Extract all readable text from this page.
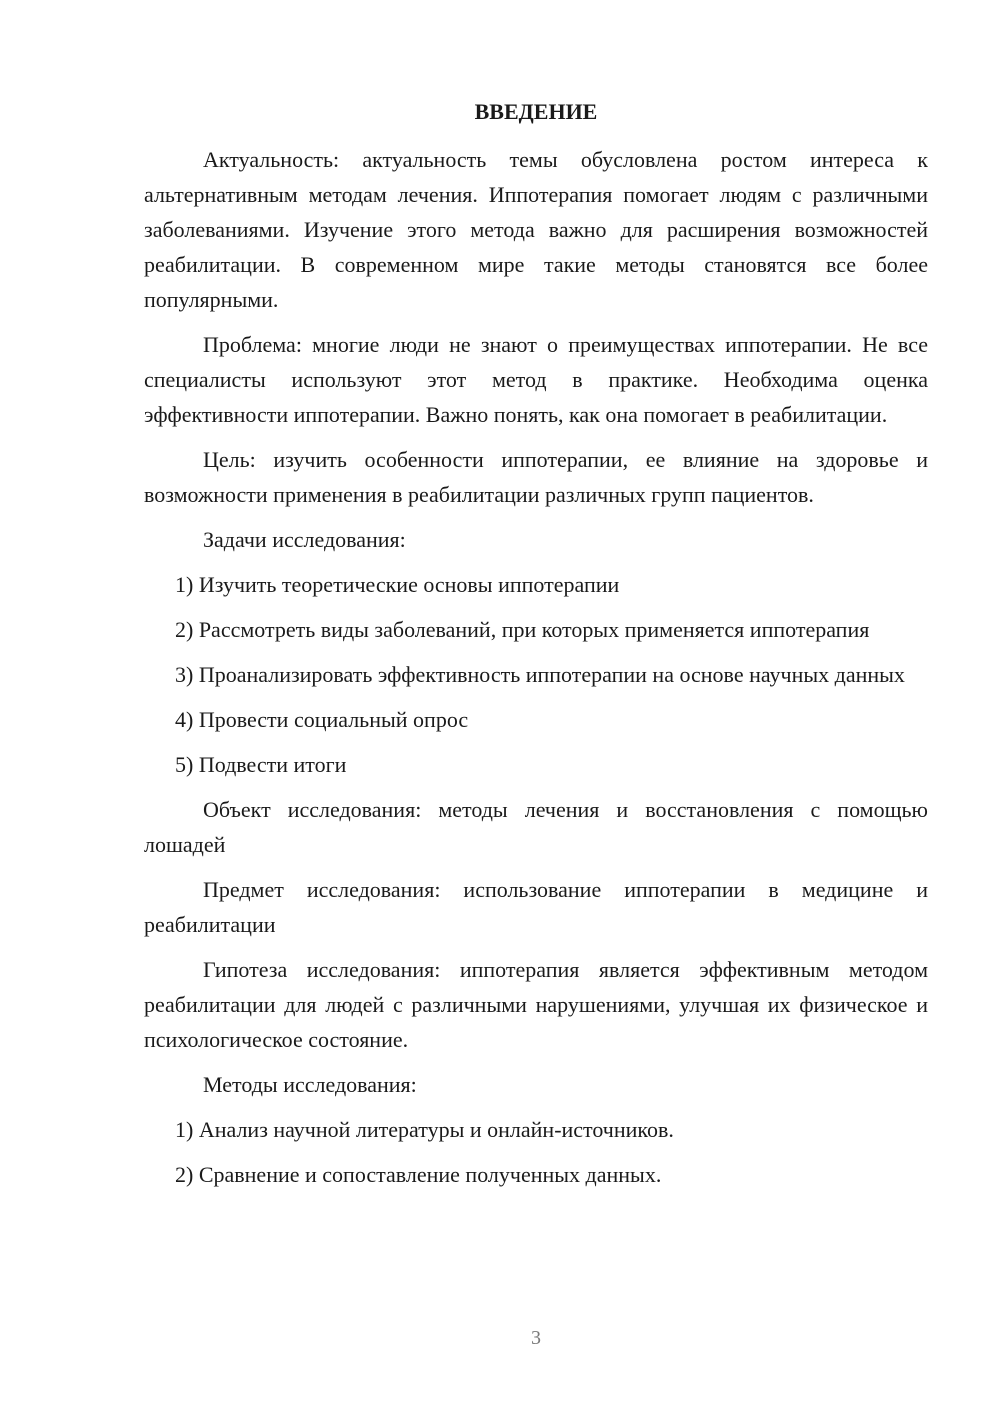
ВВЕДЕНИЕ

Актуальность: актуальность темы обусловлена ростом интереса к альтернативным методам лечения. Иппотерапия помогает людям с различными заболеваниями. Изучение этого метода важно для расширения возможностей реабилитации. В современном мире такие методы становятся все более популярными.

Проблема: многие люди не знают о преимуществах иппотерапии. Не все специалисты используют этот метод в практике. Необходима оценка эффективности иппотерапии. Важно понять, как она помогает в реабилитации.

Цель: изучить особенности иппотерапии, ее влияние на здоровье и возможности применения в реабилитации различных групп пациентов.

Задачи исследования:

1) Изучить теоретические основы иппотерапии

2) Рассмотреть виды заболеваний, при которых применяется иппотерапия

3) Проанализировать эффективность иппотерапии на основе научных данных

4) Провести социальный опрос

5) Подвести итоги

Объект исследования: методы лечения и восстановления с помощью лошадей

Предмет исследования: использование иппотерапии в медицине и реабилитации

Гипотеза исследования: иппотерапия является эффективным методом реабилитации для людей с различными нарушениями, улучшая их физическое и психологическое состояние.

Методы исследования:

1) Анализ научной литературы и онлайн-источников.

2) Сравнение и сопоставление полученных данных.

3
